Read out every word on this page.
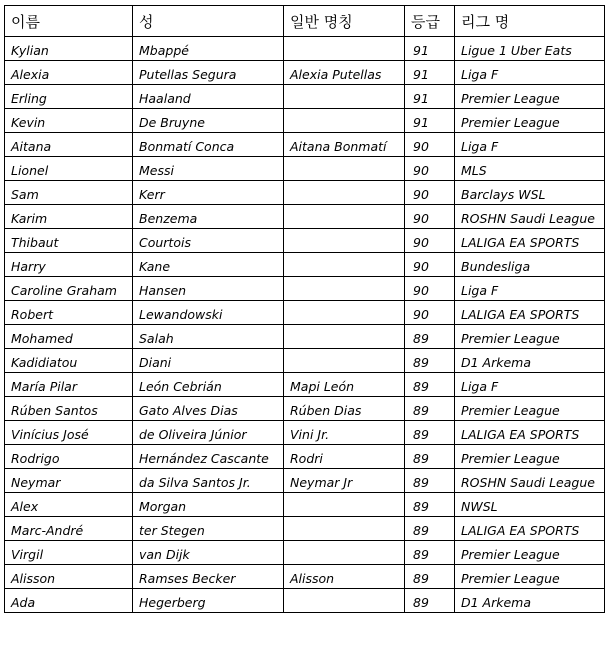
이름	성	일반 명칭	등급	리그 명
Kylian	Mbappé		91	Ligue 1 Uber Eats
Alexia	Putellas Segura	Alexia Putellas	91	Liga F
Erling	Haaland		91	Premier League
Kevin	De Bruyne		91	Premier League
Aitana	Bonmatí Conca	Aitana Bonmatí	90	Liga F
Lionel	Messi		90	MLS
Sam	Kerr		90	Barclays WSL
Karim	Benzema		90	ROSHN Saudi League
Thibaut	Courtois		90	LALIGA EA SPORTS
Harry	Kane		90	Bundesliga
Caroline Graham	Hansen		90	Liga F
Robert	Lewandowski		90	LALIGA EA SPORTS
Mohamed	Salah		89	Premier League
Kadidiatou	Diani		89	D1 Arkema
María Pilar	León Cebrián	Mapi León	89	Liga F
Rúben Santos	Gato Alves Dias	Rúben Dias	89	Premier League
Vinícius José	de Oliveira Júnior	Vini Jr.	89	LALIGA EA SPORTS
Rodrigo	Hernández Cascante	Rodri	89	Premier League
Neymar	da Silva Santos Jr.	Neymar Jr	89	ROSHN Saudi League
Alex	Morgan		89	NWSL
Marc-André	ter Stegen		89	LALIGA EA SPORTS
Virgil	van Dijk		89	Premier League
Alisson	Ramses Becker	Alisson	89	Premier League
Ada	Hegerberg		89	D1 Arkema
